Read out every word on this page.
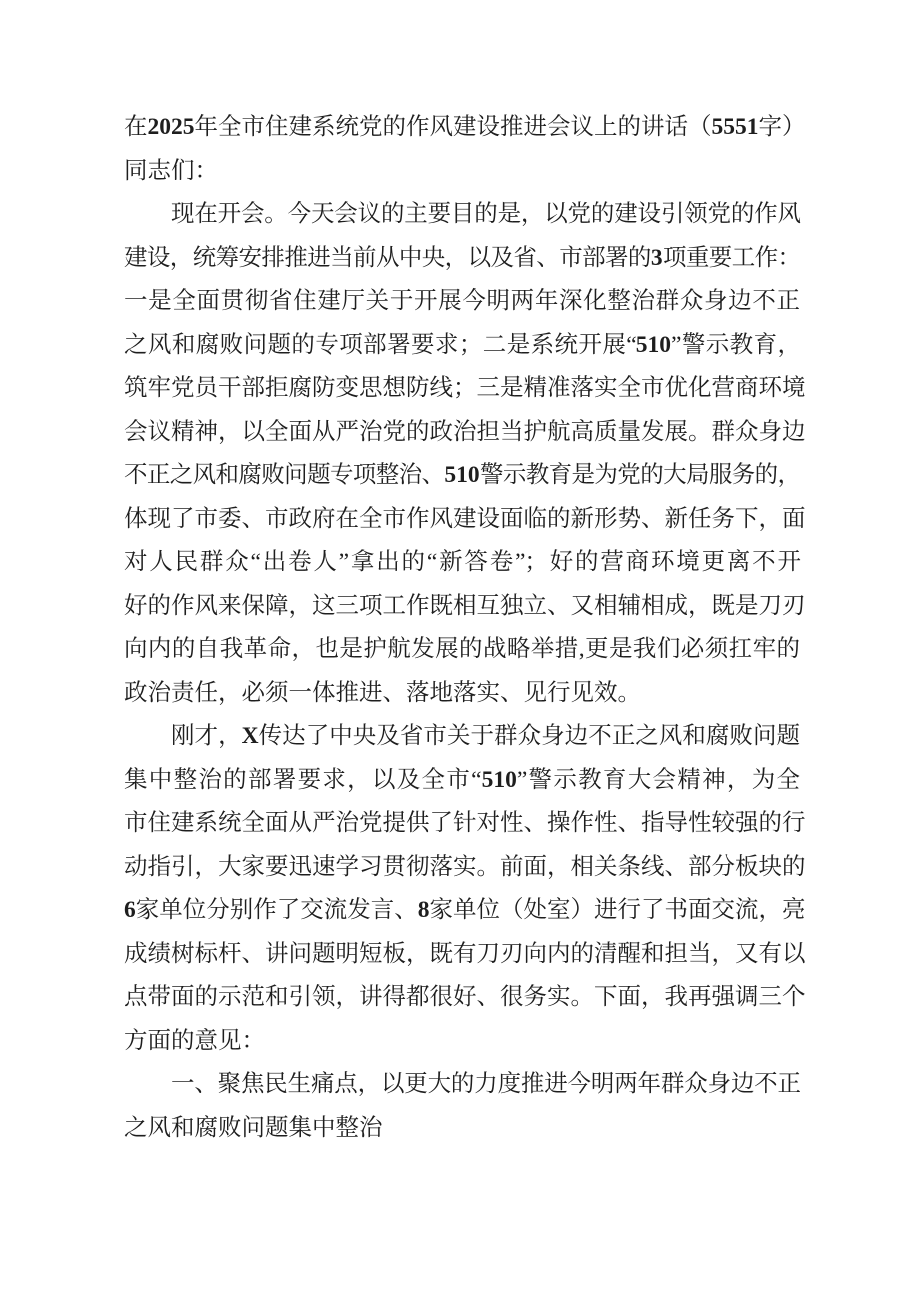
在2025年全市住建系统党的作风建设推进会议上的讲话（5551字）
同志们：
现在开会。今天会议的主要目的是，以党的建设引领党的作风
建设，统筹安排推进当前从中央，以及省、市部署的3项重要工作：
一是全面贯彻省住建厅关于开展今明两年深化整治群众身边不正
之风和腐败问题的专项部署要求；二是系统开展“510”警示教育，
筑牢党员干部拒腐防变思想防线；三是精准落实全市优化营商环境
会议精神，以全面从严治党的政治担当护航高质量发展。群众身边
不正之风和腐败问题专项整治、510警示教育是为党的大局服务的，
体现了市委、市政府在全市作风建设面临的新形势、新任务下，面
对人民群众“出卷人”拿出的“新答卷”；好的营商环境更离不开
好的作风来保障，这三项工作既相互独立、又相辅相成，既是刀刃
向内的自我革命，也是护航发展的战略举措,更是我们必须扛牢的
政治责任，必须一体推进、落地落实、见行见效。
刚才，X传达了中央及省市关于群众身边不正之风和腐败问题
集中整治的部署要求，以及全市“510”警示教育大会精神，为全
市住建系统全面从严治党提供了针对性、操作性、指导性较强的行
动指引，大家要迅速学习贯彻落实。前面，相关条线、部分板块的
6家单位分别作了交流发言、8家单位（处室）进行了书面交流，亮
成绩树标杆、讲问题明短板，既有刀刃向内的清醒和担当，又有以
点带面的示范和引领，讲得都很好、很务实。下面，我再强调三个
方面的意见：
一、聚焦民生痛点，以更大的力度推进今明两年群众身边不正
之风和腐败问题集中整治
